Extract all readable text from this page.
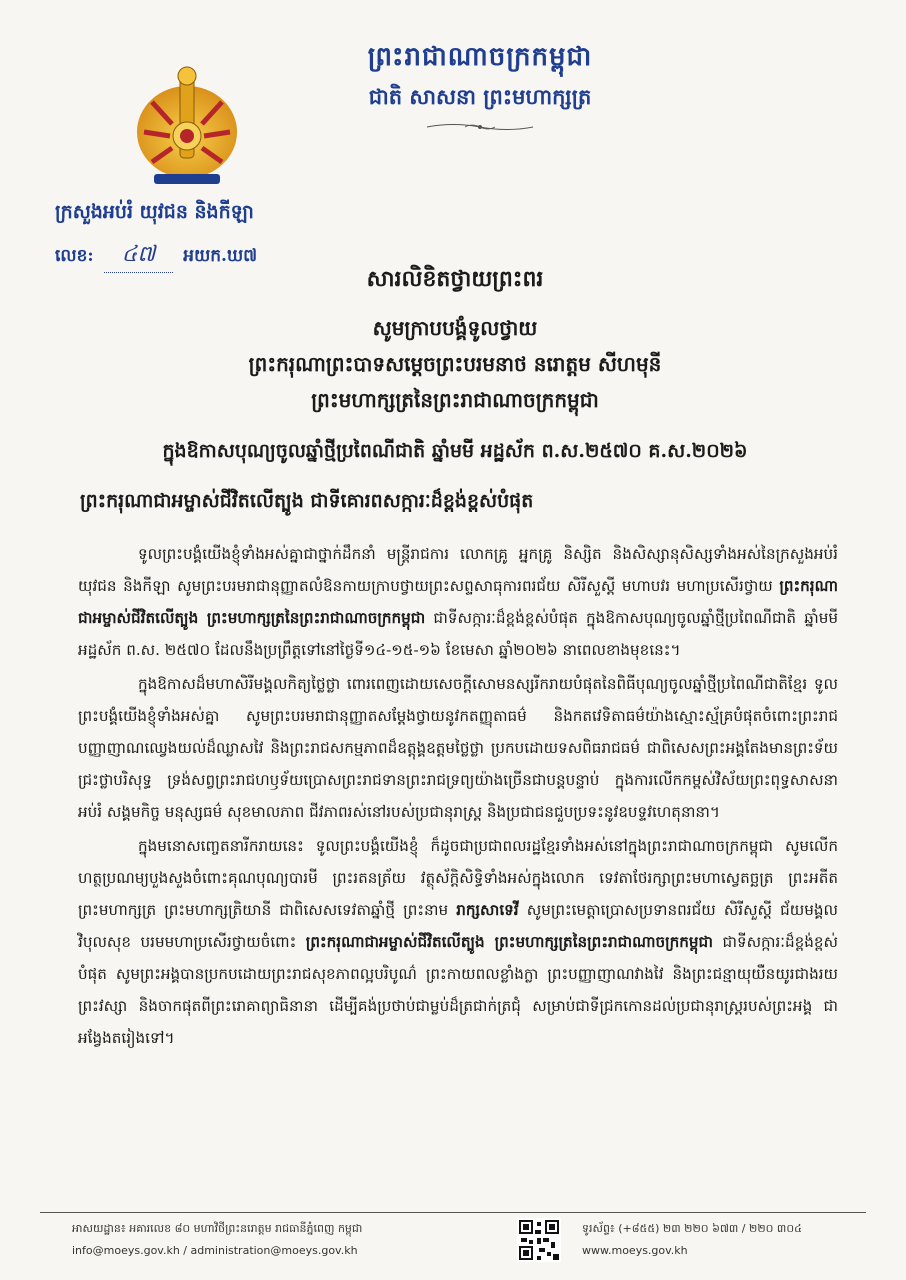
ព្រះរាជាណាចក្រកម្ពុជា
ជាតិ សាសនា ព្រះមហាក្សត្រ
ក្រសួងអប់រំ យុវជន និងកីឡា
លេខ:	៤៧	អយក.ឃ៧
សារលិខិតថ្វាយព្រះពរ
សូមក្រាបបង្គំទូលថ្វាយ
ព្រះករុណាព្រះបាទសម្តេចព្រះបរមនាថ នរោត្តម សីហមុនី
ព្រះមហាក្សត្រនៃព្រះរាជាណាចក្រកម្ពុជា
ក្នុងឱកាសបុណ្យចូលឆ្នាំថ្មីប្រពៃណីជាតិ ឆ្នាំមមី អដ្ឋស័ក ព.ស.២៥៧០ គ.ស.២០២៦
ព្រះករុណាជាអម្ចាស់ជីវិតលើត្បូង ជាទីគោរពសក្ការៈដ៏ខ្ពង់ខ្ពស់បំផុត

ទូលព្រះបង្គំយើងខ្ញុំទាំងអស់គ្នាជាថ្នាក់ដឹកនាំ មន្ត្រីរាជការ លោកគ្រូ អ្នកគ្រូ និស្សិត និងសិស្សានុសិស្សទាំងអស់នៃក្រសួងអប់រំ យុវជន និងកីឡា សូមព្រះបរមរាជានុញ្ញាតលំឱនកាយក្រាបថ្វាយព្រះសព្ទសាធុការពរជ័យ សិរីសួស្តី មហាបវរ មហាប្រសើរថ្វាយ ព្រះករុណាជាអម្ចាស់ជីវិតលើត្បូង ព្រះមហាក្សត្រនៃព្រះរាជាណាចក្រកម្ពុជា ជាទីសក្ការៈដ៏ខ្ពង់ខ្ពស់បំផុត ក្នុងឱកាសបុណ្យចូលឆ្នាំថ្មីប្រពៃណីជាតិ ឆ្នាំមមី អដ្ឋស័ក ព.ស. ២៥៧០ ដែលនឹងប្រព្រឹត្តទៅនៅថ្ងៃទី១៤-១៥-១៦ ខែមេសា ឆ្នាំ២០២៦ នាពេលខាងមុខនេះ។

ក្នុងឱកាសដ៏មហាសិរីមង្គលកិត្យថ្លៃថ្លា ពោរពេញដោយសេចក្តីសោមនស្សរីករាយបំផុតនៃពិធីបុណ្យចូលឆ្នាំថ្មីប្រពៃណីជាតិខ្មែរ ទូលព្រះបង្គំយើងខ្ញុំទាំងអស់គ្នា សូមព្រះបរមរាជានុញ្ញាតសម្តែងថ្វាយនូវកតញ្ញុតាធម៌ និងកតវេទិតាធម៌យ៉ាងស្មោះស្ម័គ្របំផុតចំពោះព្រះរាជបញ្ញាញាណឈ្វេងយល់ដ៏ឈ្លាសវៃ និងព្រះរាជសកម្មភាពដ៏ឧត្តុង្គឧត្តមថ្លៃថ្លា ប្រកបដោយទសពិធរាជធម៌ ជាពិសេសព្រះអង្គតែងមានព្រះទ័យជ្រះថ្លាបរិសុទ្ធ ទ្រង់សព្វព្រះរាជហឫទ័យប្រោសព្រះរាជទានព្រះរាជទ្រព្យយ៉ាងច្រើនជាបន្តបន្ទាប់ ក្នុងការលើកកម្ពស់វិស័យព្រះពុទ្ធសាសនា អប់រំ សង្គមកិច្ច មនុស្សធម៌ សុខមាលភាព ជីវភាពរស់នៅរបស់ប្រជានុរាស្ត្រ និងប្រជាជនជួបប្រទះនូវឧបទ្ទវហេតុនានា។

ក្នុងមនោសញ្ចេតនារីករាយនេះ ទូលព្រះបង្គំយើងខ្ញុំ ក៏ដូចជាប្រជាពលរដ្ឋខ្មែរទាំងអស់នៅក្នុងព្រះរាជាណាចក្រកម្ពុជា សូមលើកហត្ថប្រណម្យបួងសួងចំពោះគុណបុណ្យបារមី ព្រះរតនត្រ័យ វត្ថុស័ក្តិសិទ្ធិទាំងអស់ក្នុងលោក ទេវតាថែរក្សាព្រះមហាស្វេតច្ឆត្រ ព្រះអតីតព្រះមហាក្សត្រ ព្រះមហាក្សត្រិយានី ជាពិសេសទេវតាឆ្នាំថ្មី ព្រះនាម រាក្សសាទេវី សូមព្រះមេត្តាប្រោសប្រទានពរជ័យ សិរីសួស្តី ជ័យមង្គល វិបុលសុខ បរមមហាប្រសើរថ្វាយចំពោះ ព្រះករុណាជាអម្ចាស់ជីវិតលើត្បូង ព្រះមហាក្សត្រនៃព្រះរាជាណាចក្រកម្ពុជា ជាទីសក្ការៈដ៏ខ្ពង់ខ្ពស់បំផុត សូមព្រះអង្គបានប្រកបដោយព្រះរាជសុខភាពល្អបរិបូណ៌ ព្រះកាយពលខ្លាំងក្លា ព្រះបញ្ញាញាណវាងវៃ និងព្រះជន្មាយុយឺនយូរជាងរយព្រះវស្សា និងចាកផុតពីព្រះរោគាព្យាធិនានា ដើម្បីគង់ប្រថាប់ជាម្លប់ដ៏ត្រជាក់ត្រជុំ សម្រាប់ជាទីជ្រកកោនដល់ប្រជានុរាស្ត្ររបស់ព្រះអង្គ ជាអង្វែងតរៀងទៅ។

អាសយដ្ឋាន៖ អគារលេខ ៨០ មហាវិថីព្រះនរោត្តម រាជធានីភ្នំពេញ កម្ពុជា
info@moeys.gov.kh / administration@moeys.gov.kh
ទូរស័ព្ទ៖ (+៨៥៥) ២៣ ២២០ ៦៧៣ / ២២០ ៣០៤
www.moeys.gov.kh
